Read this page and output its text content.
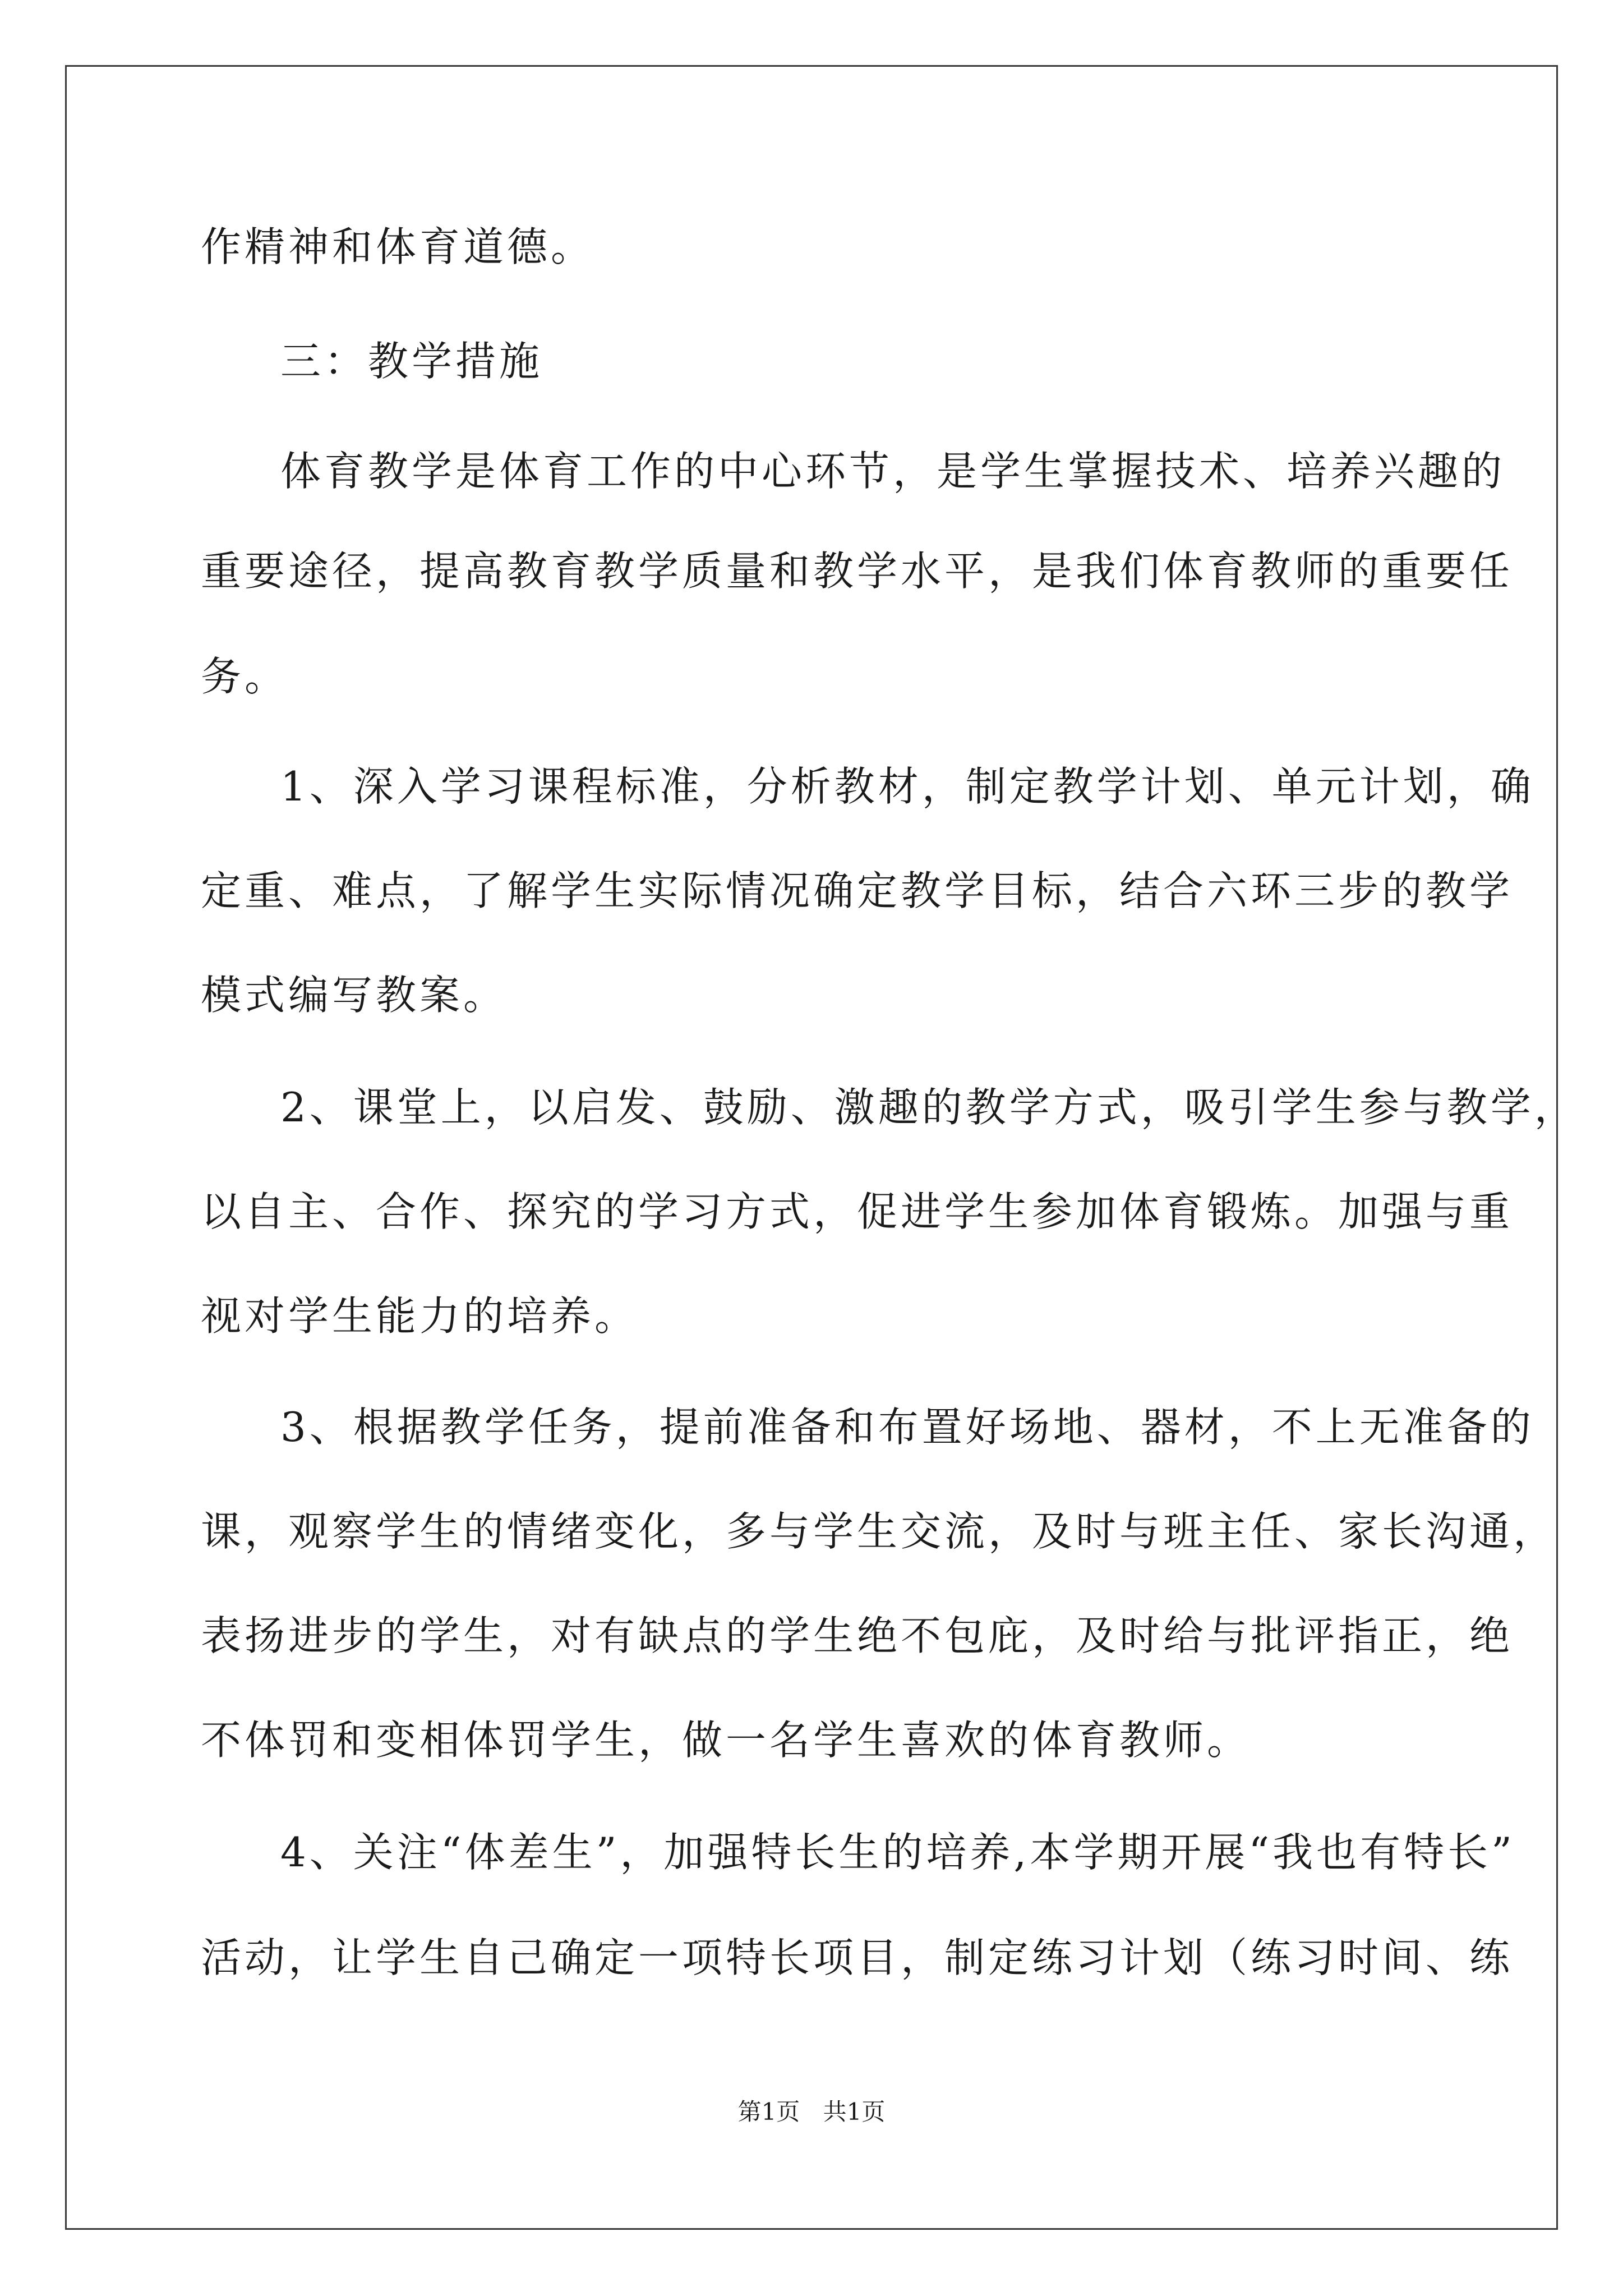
作精神和体育道德。
三：教学措施
体育教学是体育工作的中心环节，是学生掌握技术、培养兴趣的
重要途径，提高教育教学质量和教学水平，是我们体育教师的重要任
务。
1、深入学习课程标准，分析教材，制定教学计划、单元计划，确
定重、难点，了解学生实际情况确定教学目标，结合六环三步的教学
模式编写教案。
2、课堂上，以启发、鼓励、激趣的教学方式，吸引学生参与教学，
以自主、合作、探究的学习方式，促进学生参加体育锻炼。加强与重
视对学生能力的培养。
3、根据教学任务，提前准备和布置好场地、器材，不上无准备的
课，观察学生的情绪变化，多与学生交流，及时与班主任、家长沟通，
表扬进步的学生，对有缺点的学生绝不包庇，及时给与批评指正，绝
不体罚和变相体罚学生，做一名学生喜欢的体育教师。
4、关注“体差生”，加强特长生的培养,本学期开展“我也有特长”
活动，让学生自己确定一项特长项目，制定练习计划（练习时间、练
第1页 共1页
